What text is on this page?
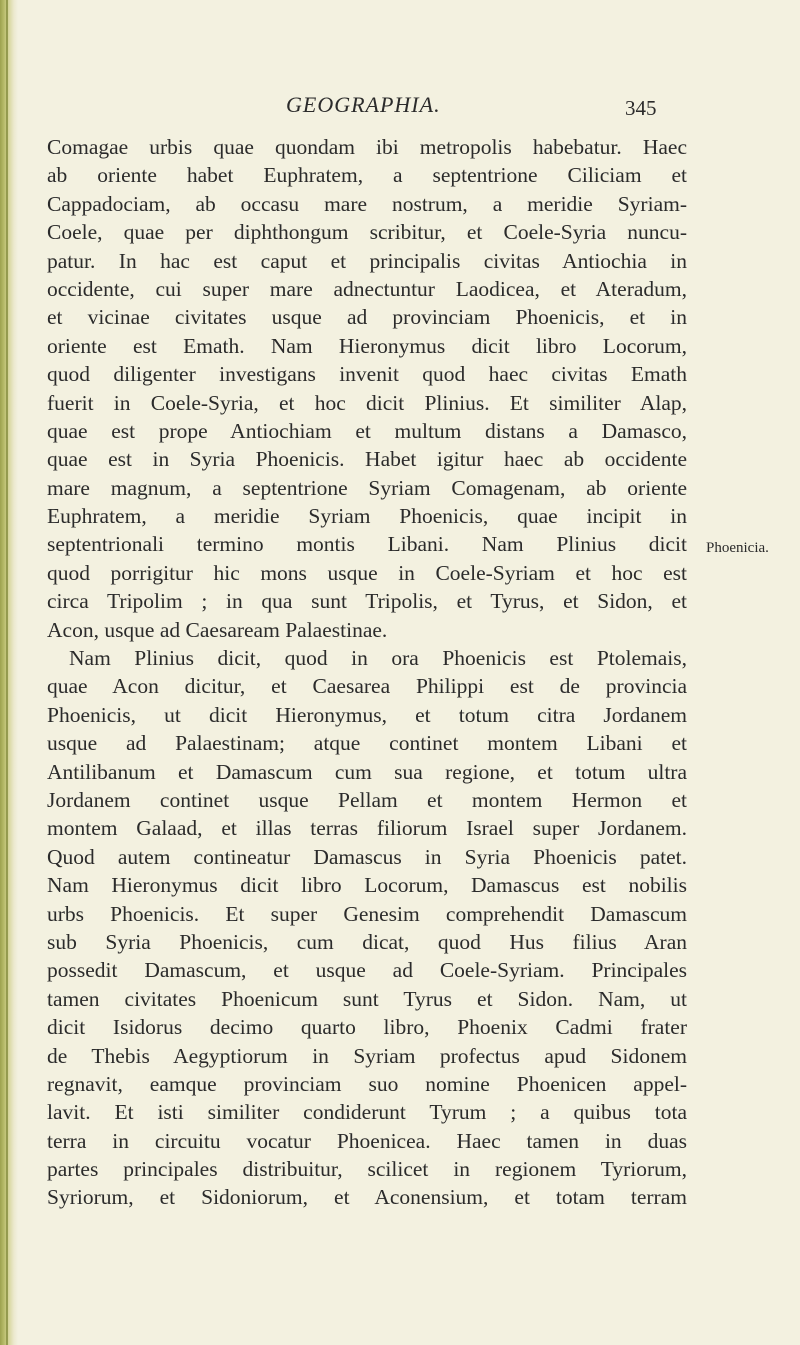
GEOGRAPHIA.	345
Comagae urbis quae quondam ibi metropolis habebatur. Haec
ab oriente habet Euphratem, a septentrione Ciliciam et
Cappadociam, ab occasu mare nostrum, a meridie Syriam-
Coele, quae per diphthongum scribitur, et Coele-Syria nuncu-
patur. In hac est caput et principalis civitas Antiochia in
occidente, cui super mare adnectuntur Laodicea, et Ateradum,
et vicinae civitates usque ad provinciam Phoenicis, et in
oriente est Emath. Nam Hieronymus dicit libro Locorum,
quod diligenter investigans invenit quod haec civitas Emath
fuerit in Coele-Syria, et hoc dicit Plinius. Et similiter Alap,
quae est prope Antiochiam et multum distans a Damasco,
quae est in Syria Phoenicis. Habet igitur haec ab occidente
mare magnum, a septentrione Syriam Comagenam, ab oriente
Euphratem, a meridie Syriam Phoenicis, quae incipit in
septentrionali termino montis Libani. Nam Plinius dicit
quod porrigitur hic mons usque in Coele-Syriam et hoc est
circa Tripolim ; in qua sunt Tripolis, et Tyrus, et Sidon, et
Acon, usque ad Caesaream Palaestinae.
Nam Plinius dicit, quod in ora Phoenicis est Ptolemais,
quae Acon dicitur, et Caesarea Philippi est de provincia
Phoenicis, ut dicit Hieronymus, et totum citra Jordanem
usque ad Palaestinam; atque continet montem Libani et
Antilibanum et Damascum cum sua regione, et totum ultra
Jordanem continet usque Pellam et montem Hermon et
montem Galaad, et illas terras filiorum Israel super Jordanem.
Quod autem contineatur Damascus in Syria Phoenicis patet.
Nam Hieronymus dicit libro Locorum, Damascus est nobilis
urbs Phoenicis. Et super Genesim comprehendit Damascum
sub Syria Phoenicis, cum dicat, quod Hus filius Aran
possedit Damascum, et usque ad Coele-Syriam. Principales
tamen civitates Phoenicum sunt Tyrus et Sidon. Nam, ut
dicit Isidorus decimo quarto libro, Phoenix Cadmi frater
de Thebis Aegyptiorum in Syriam profectus apud Sidonem
regnavit, eamque provinciam suo nomine Phoenicen appel-
lavit. Et isti similiter condiderunt Tyrum ; a quibus tota
terra in circuitu vocatur Phoenicea. Haec tamen in duas
partes principales distribuitur, scilicet in regionem Tyriorum,
Syriorum, et Sidoniorum, et Aconensium, et totam terram
Phoenicia.
